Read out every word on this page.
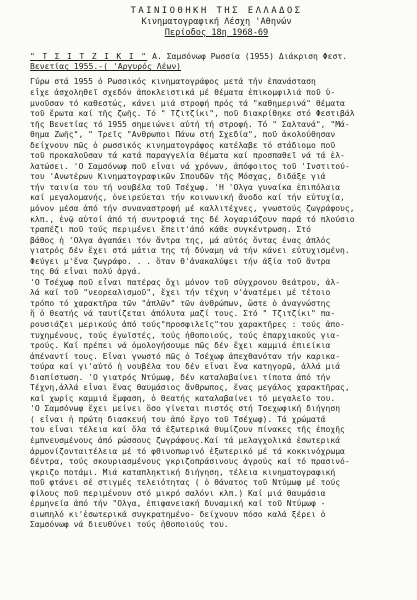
ΤΑΙΝΙΟΘΗΚΗ ΤΗΣ ΕΛΛΑΔΟΣ
Κινηματογραφική Λέσχη 'Αθηνών
Περίοδος 18η 1968-69
" Τ Σ Ι Τ Ζ Ι Κ Ι " Α. Σαμσόνωφ Ρωσσία (1955) Διάκριση Φεστ.
Βενετίας 1955.-( 'Αργυρός Λέων)
Γύρω στά 1955 ὁ Ρωσσικός κινηματογράφος μετά τήν ἐπανάσταση
εἶχε ἀσχοληθεῖ σχεδόν ἀποκλειστικά μέ θέματα ἐπικομφιλιά ποῦ ὑ-
μνοῦσαν τό καθεστώς, κάνει μιά στροφή πρός τά "καθημερινά" θέματα
τοῦ ἔρωτα καί τῆς ζωῆς. Τό " Τζιτζίκι", ποῦ διακρίθηκε στό Φεστιβάλ
τῆς Βενετίας τό 1955 σημειώνει αὐτή τή στροφή. Τό " Σαλτανά", "Μά-
θημα Ζωῆς", " Τρεῖς "Ανθρωποι Πάνω στή Σχεδία", ποῦ ἀκολούθησαν
δείχνουν πῶς ὁ ρωσσικός κινηματογράφος κατέλαβε τό στάδιομο ποῦ
τοῦ προκαλοῦσαν τά κατά παραγγελία θέματα καί προσπαθεῖ νά τά ἐλ-
λατώσει. 'Ο Σαμσόνωφ ποῦ εἶναι νά χρόνων, ἀπόφοιτος τοῦ 'Ινστιτού-
του 'Ανωτέρων Κινηματογραφικῶν Σπουδῶν τῆς Μόσχας, διδάξε γιά
τήν ταινία του τή νουβέλα τοῦ Τσέχωφ. 'Η 'Ολγα γυναίκα ἐπιπόλαια
καί μεγαλομανής, ὀνειρεύεται τήν κοινωνική ἄνοδο καί τήν εὐτυχία,
μόνον μέσα ἀπό τήν συναναστροφή μέ καλλιτέχνες, γνωστούς ζωγράφους,
κλπ., ἐνῷ αὐτοί ἀπό τή συντροφιά της δέ λογαριάζουν παρά τό πλούσιο
τραπέζι ποῦ τούς περιμένει ἔπειτ'ἀπό κάθε συγκέντρωση. Στό
βάθος ἡ 'Ολγα ἀγαπάει τόν ἄντρα της, μά αὐτός ὄντας ἐνας ἀπλός
γιατρός δέν ἔχει στά μάτια της τή δύναμη νά τήν κάνει εὐτυχισμένη.
Φεύγει μ'ἕνα ζωγράφο. . . ὅταν θ'ἀνακαλύψει τήν ἀξία τοῦ ἄντρα
της θά εἶναι πολύ ἀργά.
'Ο Τσέχωφ ποῦ εἶναι πατέρας ὄχι μόνον τοῦ σύγχρονου θεάτρου, ἀλ-
λά καί τοῦ "νεορεαλισμοῦ", ἔχει τήν τέχνη ν'ἀνατέμει μέ τέτοιο
τρόπο τό χαρακτῆρα τῶν "ἁπλῶν" τῶν ἀνθρώπων, ὥστε ὁ ἀναγνώστης
ἤ ὁ θεατής νά ταυτίζεται ἀπόλυτα μαζί τους. Στό " Τζιτζίκι" πα-
ρουσιάζει μερικούς ἀπό τούς"προσφιλεῖς"του χαρακτῆρες : τούς ἀπο-
τυχημένους, τούς ἐγωϊστές, τούς ἡθοποιούς, τούς ἐπαρχιακούς για-
τρούς. Καί πρέπει νά ὁμολογήσουμε πῶς δέν ἔχει καμμιά ἐπιείκια
ἀπέναντί τους. Εἶναι γνωστό πῶς ὁ Τσέχωφ ἀπεχθανόταν τήν καρικα-
τούρα καί γι'αὐτό ἡ νουβέλα του δέν εἶναι ἕνα κατηγορῶ, ἀλλά μιά
διαπίστωση. 'Ο γιατρός Ντύμωφ, δέν καταλαβαίνει τίποτα ἀπό τήν
Τέχνη,ἀλλά εἶναι ἕνας θαυμάσιος ἄνθρωπος, ἕνας μεγάλος χαρακτῆρας,
καί χωρίς καμμιά ἔμφαση, ὁ θεατής καταλαβαίνει τό μεγαλεῖο του.
'Ο Σαμσόνωφ ἔχει μείνει ὅσο γίνεται πιστός στή Τσεχωφική διήγηση
( εἶναι ἡ πρώτη διασκευή του ἀπό ἔργο τοῦ Τσέχωφ). Τά χρώματά
του εἶναι τέλεια καί ὅλα τά ἐξωτερικά θυμίζουν πίνακες τῆς ἐποχῆς
ἐμπνευσμένους ἀπό ρώσσους ζωγράφους.Καί τά μελαγχολικά ἐσωτερικά
ἁρμονίζονταιτέλεια μέ τό φθινοπωρινό ἐξωτερικό μέ τά κοκκινόχρωμα
δέντρα, τούς σκουριασμένους γκριζοπράσινους ἀγρούς καί τό πρασινό-
γκριζο ποτάμι. Μιά καταπληκτική διήγηση, τέλεια κινηματογραφική
ποῦ φτάνει σέ στιγμές τελειότητας ( ὁ θάνατος τοῦ Ντύμωφ μέ τούς
φίλους ποῦ περιμένουν στό μικρό σαλόνι κλπ.) Καί μιά θαυμάσια
ἑρμηνεία ἀπό τήν "Ολγα, ἐπιφανειακή δυναμική καί τοῦ Ντύμωφ -
σιωπηλό κι'ἐσωτερικά συγκρατημένο- δείχνουν πόσο καλά ξέρει ὁ
Σαμσόνωφ νά διευθύνει τούς ἡθοποιούς του.
